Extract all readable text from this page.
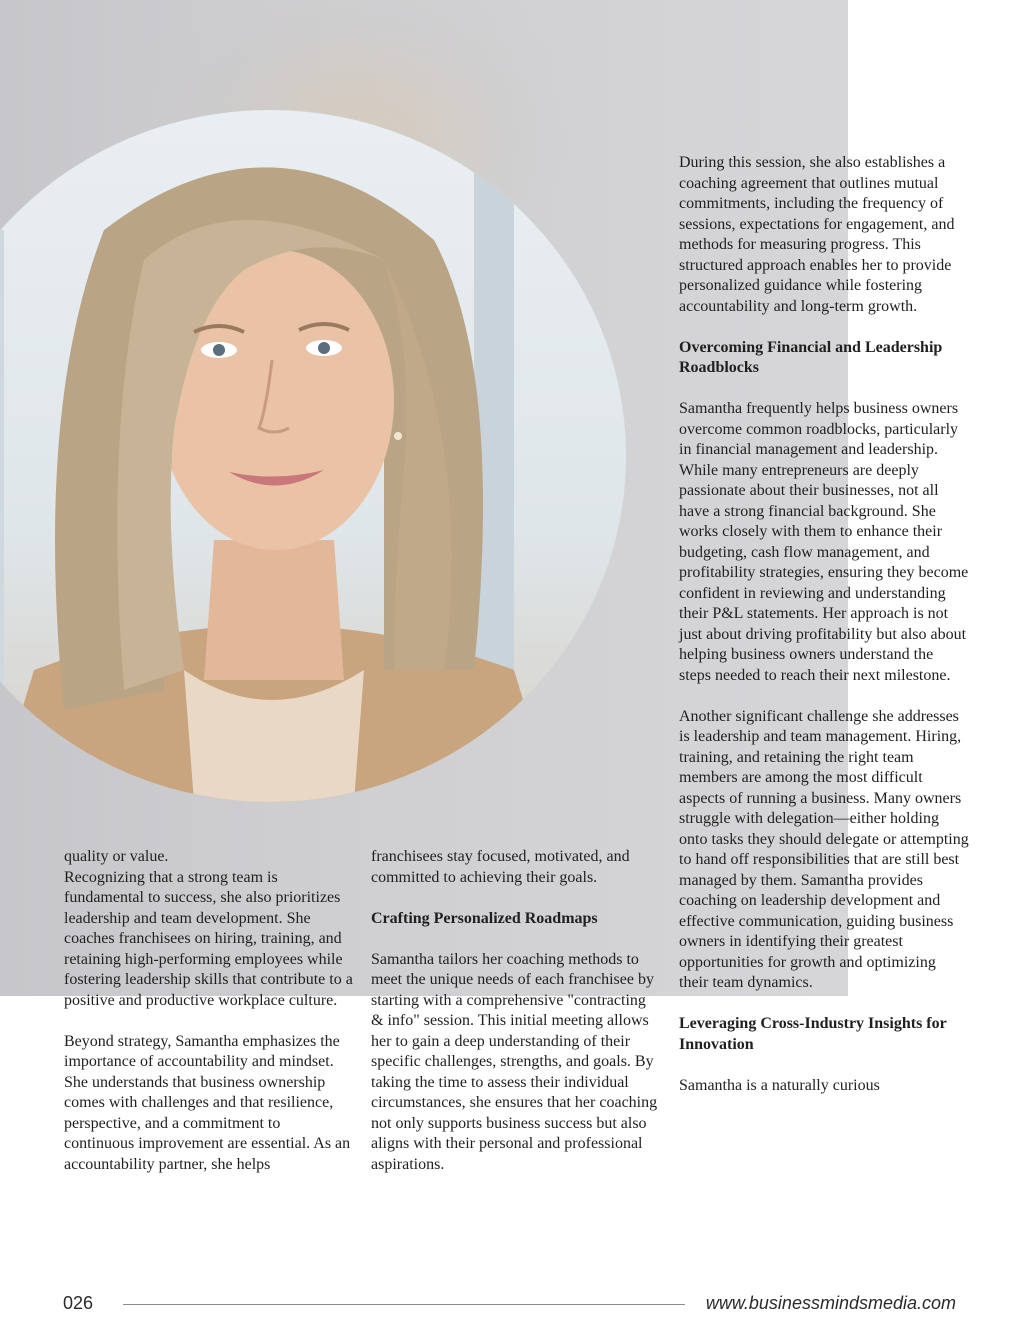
quality or value.
Recognizing that a strong team is fundamental to success, she also prioritizes leadership and team development. She coaches franchisees on hiring, training, and retaining high-performing employees while fostering leadership skills that contribute to a positive and productive workplace culture.

Beyond strategy, Samantha emphasizes the importance of accountability and mindset. She understands that business ownership comes with challenges and that resilience, perspective, and a commitment to continuous improvement are essential. As an accountability partner, she helps

franchisees stay focused, motivated, and committed to achieving their goals.

Crafting Personalized Roadmaps

Samantha tailors her coaching methods to meet the unique needs of each franchisee by starting with a comprehensive "contracting & info" session. This initial meeting allows her to gain a deep understanding of their specific challenges, strengths, and goals. By taking the time to assess their individual circumstances, she ensures that her coaching not only supports business success but also aligns with their personal and professional aspirations.

During this session, she also establishes a coaching agreement that outlines mutual commitments, including the frequency of sessions, expectations for engagement, and methods for measuring progress. This structured approach enables her to provide personalized guidance while fostering accountability and long-term growth.

Overcoming Financial and Leadership Roadblocks

Samantha frequently helps business owners overcome common roadblocks, particularly in financial management and leadership. While many entrepreneurs are deeply passionate about their businesses, not all have a strong financial background. She works closely with them to enhance their budgeting, cash flow management, and profitability strategies, ensuring they become confident in reviewing and understanding their P&L statements. Her approach is not just about driving profitability but also about helping business owners understand the steps needed to reach their next milestone.

Another significant challenge she addresses is leadership and team management. Hiring, training, and retaining the right team members are among the most difficult aspects of running a business. Many owners struggle with delegation—either holding onto tasks they should delegate or attempting to hand off responsibilities that are still best managed by them. Samantha provides coaching on leadership development and effective communication, guiding business owners in identifying their greatest opportunities for growth and optimizing their team dynamics.

Leveraging Cross-Industry Insights for Innovation

Samantha is a naturally curious

026	www.businessmindsmedia.com
